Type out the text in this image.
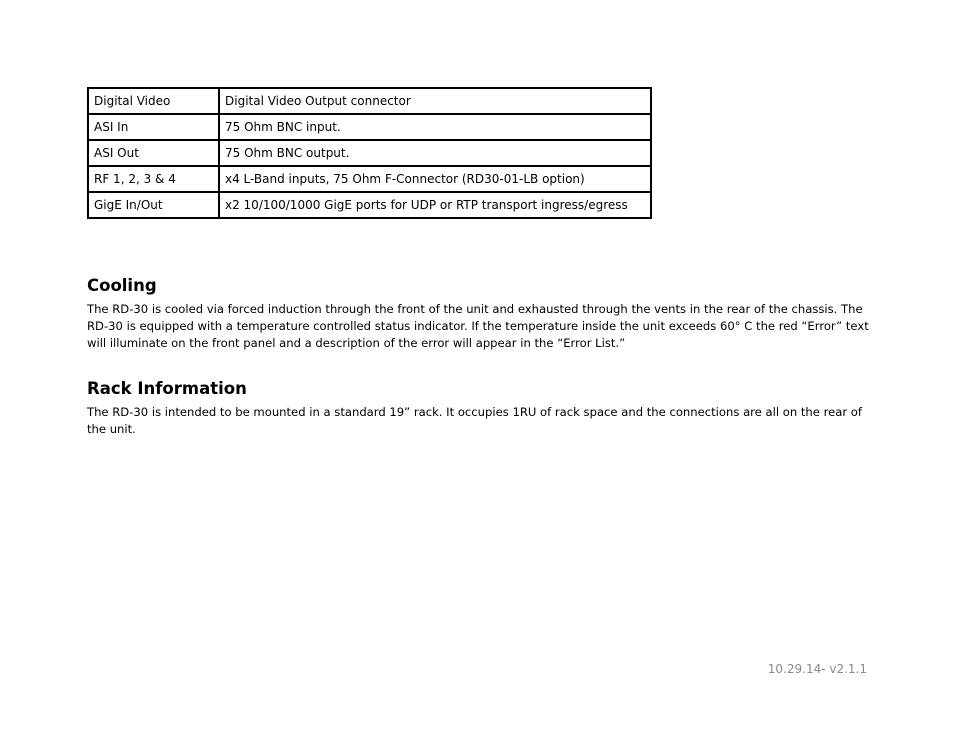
Digital Video	Digital Video Output connector
ASI In	75 Ohm BNC input.
ASI Out	75 Ohm BNC output.
RF 1, 2, 3 & 4	x4 L-Band inputs, 75 Ohm F-Connector (RD30-01-LB option)
GigE In/Out	x2 10/100/1000 GigE ports for UDP or RTP transport ingress/egress
Cooling

The RD-30 is cooled via forced induction through the front of the unit and exhausted through the vents in the rear of the chassis. The RD-30 is equipped with a temperature controlled status indicator. If the temperature inside the unit exceeds 60° C the red “Error” text will illuminate on the front panel and a description of the error will appear in the “Error List.”

Rack Information

The RD-30 is intended to be mounted in a standard 19” rack. It occupies 1RU of rack space and the connections are all on the rear of the unit.

10.29.14- v2.1.1
